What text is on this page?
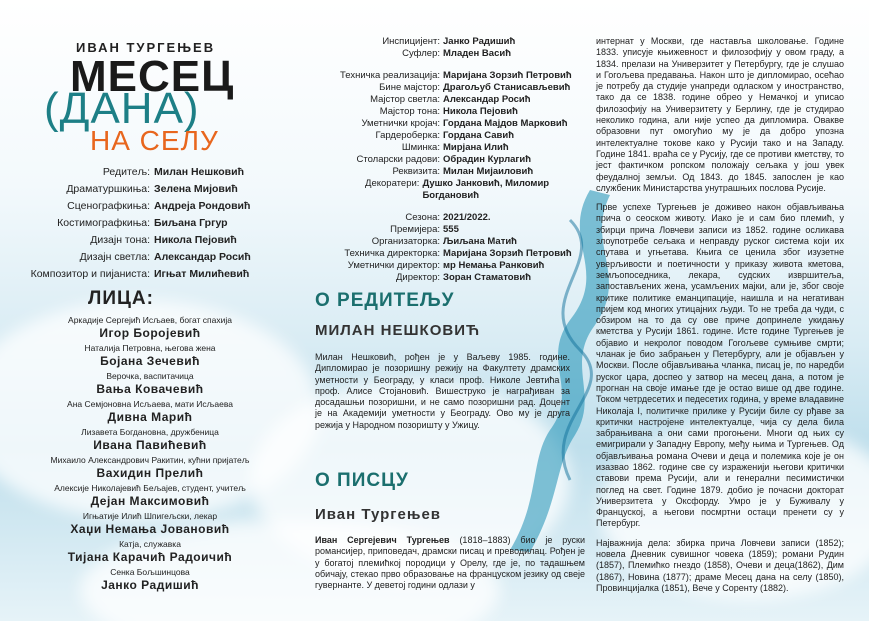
ИВАН ТУРГЕЊЕВ
МЕСЕЦ
(ДАНА)
НА СЕЛУ
Редитељ: Милан Нешковић
Драматуршкиња: Зелена Мијовић
Сценографкиња: Андреја Рондовић
Костимографкиња: Биљана Гргур
Дизајн тона: Никола Пејовић
Дизајн светла: Александар Росић
Композитор и пијаниста: Игњат Милићевић
ЛИЦА:
Аркадије Сергејић Исљаев, богат спахија
Игор Боројевић
Наталија Петровна, његова жена
Бојана Зечевић
Верочка, васпитачица
Вања Ковачевић
Ана Семјоновна Исљаева, мати Исљаева
Дивна Марић
Лизавета Богдановна, дружбеница
Ивана Павићевић
Михаило Александрович Ракитин, кућни пријатељ
Вахидин Прелић
Алексије Николајевић Бељајев, студент, учитељ
Дејан Максимовић
Игњатије Илић Шпигељски, лекар
Хаџи Немања Јовановић
Катја, служавка
Тијана Карачић Радоичић
Сенка Бољшинцова
Јанко Радишић
Инспицијент: Јанко Радишић
Суфлер: Младен Васић
Техничка реализација: Маријана Зорзић Петровић
Бине мајстор: Драгољуб Станисављевић
Мајстор светла: Александар Росић
Мајстор тона: Никола Пејовић
Уметнички кројач: Гордана Мајдов Марковић
Гардероберка: Гордана Савић
Шминка: Мирјана Илић
Столарски радови: Обрадин Курлагић
Реквизита: Милан Мијаиловић
Декоратери: Душко Јанковић, Миломир Богдановић
Сезона: 2021/2022.
Премијера: 555
Организаторка: Љиљана Матић
Техничка директорка: Маријана Зорзић Петровић
Уметнички директор: мр Немања Ранковић
Директор: Зоран Стаматовић
О РЕДИТЕЉУ
МИЛАН НЕШКОВИЋ
Милан Нешковић, рођен је у Ваљеву 1985. године. Дипломирао је позоришну режију на Факултету драмских уметности у Београду, у класи проф. Николе Јевтића и проф. Алисе Стојановић. Вишеструко је награђиван за досадашњи позоришни, и не само позоришни рад. Доцент је на Академији уметности у Београду. Ово му је друга режија у Народном позоришту у Ужицу.
О ПИСЦУ
Иван Тургењев
Иван Сергејевич Тургењев (1818–1883) био је руски романсијер, приповедач, драмски писац и преводилац. Рођен је у богатој племићкој породици у Орелу, где је, по тадашњем обичају, стекао прво образовање на француском језику од свеје гувернанте. У деветој години одлази у

интернат у Москви, где наставља школовање. Године 1833. уписује књижевност и филозофију у овом граду, а 1834. прелази на Универзитет у Петербургу, где је слушао и Гогољева предавања. Након што је дипломирао, осећао је потребу да студије унапреди одласком у иностранство, тако да се 1838. године обрео у Немачкој и уписао филозофију на Универзитету у Берлину, где је студирао неколико година, али није успео да дипломира. Оваквe образовни пут омогућио му је да добро упозна интелектуалне токове како у Русији тако и на Западу. Године 1841. враћа се у Русију, где се противи кметству, то јест фактичком ропском положају сељака у још увек феудалној земљи. Од 1843. до 1845. запослен је као службеник Министарства унутрашњих послова Русије.

Прве успехе Тургењев је доживео након објављивања прича о сеоском животу. Иако је и сам био племић, у збирци прича Ловчеви записи из 1852. године осликава злоупотребе сељака и неправду руског система који их спутава и угњетава. Књига се ценила због изузетне уверљивости и поетичности у приказу живота кметова, земљопоседника, лекара, судских извршитеља, запостављених жена, усамљених мајки, али је, због своје критике политике еманципације, наишла и на негативан пријем код многих утицајних људи. То не треба да чуди, с обзиром на то да су ове приче допринеле укидању кметства у Русији 1861. године. Исте године Тургењев је објавио и некролог поводом Гогољеве сумњиве смрти; чланак је био забрањен у Петербургу, али је објављен у Москви. После објављивања чланка, писац је, по наредби руског цара, доспео у затвор на месец дана, а потом је прогнан на своје имање где је остао више од две године. Током четрдесетих и педесетих година, у време владавине Николаја I, политичке прилике у Русији биле су рђаве за критички настројене интелектуалце, чија су дела била забрањивана а они сами прогоњени. Многи од њих су емигрирали у Западну Европу, међу њима и Тургењев. Од објављивања романа Очеви и деца и полемика које је он изазвао 1862. године све су израженији његови критички ставови према Русији, али и генерални песимистички поглед на свет. Године 1879. добио је почасни докторат Универзитета у Оксфорду. Умро је у Буживалу у Француској, а његови посмртни остаци пренети су у Петербург.

Најважнија дела: збирка прича Ловчеви записи (1852); новела Дневник сувишног човека (1859); романи Рудин (1857), Племићко гнездо (1858), Очеви и деца(1862), Дим (1867), Новина (1877); драме Месец дана на селу (1850), Провинцијалка (1851), Вече у Соренту (1882).
